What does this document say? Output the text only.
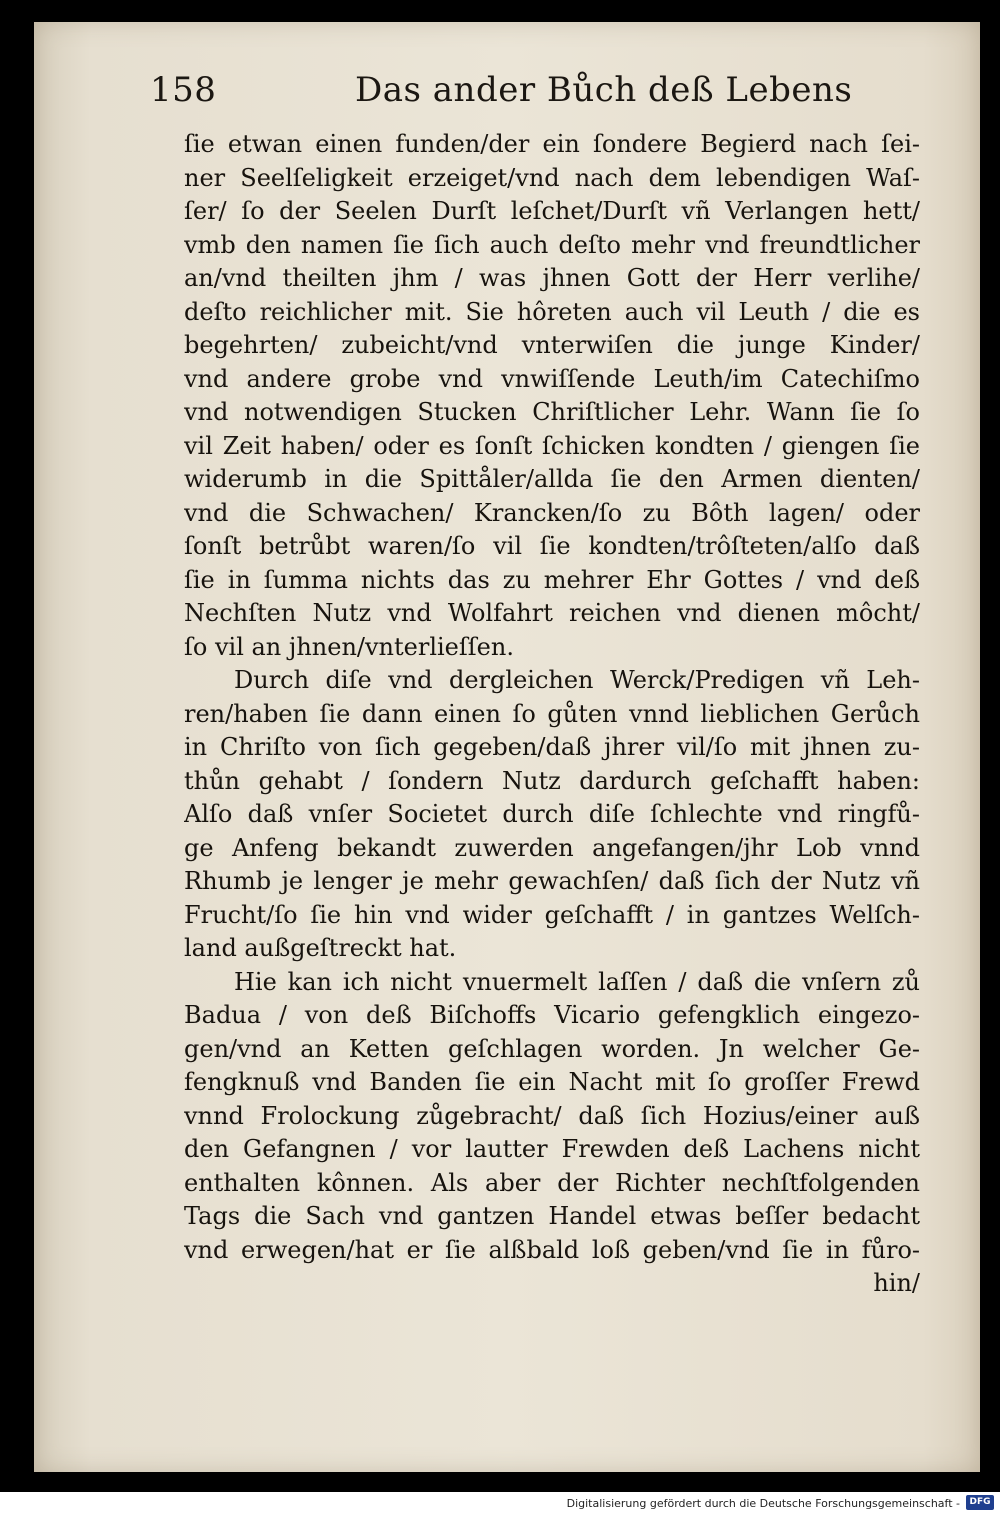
158	Das ander Bůch deß Lebens
ſie etwan einen funden/der ein ſondere Begierd nach ſei-
ner Seelſeligkeit erzeiget/vnd nach dem lebendigen Waſ-
ſer/ ſo der Seelen Durſt leſchet/Durſt vñ Verlangen hett/
vmb den namen ſie ſich auch deſto mehr vnd freundtlicher
an/vnd theilten jhm / was jhnen Gott der Herr verlihe/
deſto reichlicher mit. Sie hôreten auch vil Leuth / die es
begehrten/ zubeicht/vnd vnterwiſen die junge Kinder/
vnd andere grobe vnd vnwiſſende Leuth/im Catechiſmo
vnd notwendigen Stucken Chriſtlicher Lehr. Wann ſie ſo
vil Zeit haben/ oder es ſonſt ſchicken kondten / giengen ſie
widerumb in die Spittåler/allda ſie den Armen dienten/
vnd die Schwachen/ Krancken/ſo zu Bôth lagen/ oder
ſonſt betrůbt waren/ſo vil ſie kondten/trôſteten/alſo daß
ſie in ſumma nichts das zu mehrer Ehr Gottes / vnd deß
Nechſten Nutz vnd Wolfahrt reichen vnd dienen môcht/
ſo vil an jhnen/vnterlieſſen.
Durch diſe vnd dergleichen Werck/Predigen vñ Leh-
ren/haben ſie dann einen ſo gůten vnnd lieblichen Gerůch
in Chriſto von ſich gegeben/daß jhrer vil/ſo mit jhnen zu-
thůn gehabt / ſondern Nutz dardurch geſchafft haben:
Alſo daß vnſer Societet durch diſe ſchlechte vnd ringfů-
ge Anfeng bekandt zuwerden angefangen/jhr Lob vnnd
Rhumb je lenger je mehr gewachſen/ daß ſich der Nutz vñ
Frucht/ſo ſie hin vnd wider geſchafft / in gantzes Welſch-
land außgeſtreckt hat.
Hie kan ich nicht vnuermelt laſſen / daß die vnſern zů
Badua / von deß Biſchoffs Vicario gefengklich eingezo-
gen/vnd an Ketten geſchlagen worden. Jn welcher Ge-
fengknuß vnd Banden ſie ein Nacht mit ſo groſſer Frewd
vnnd Frolockung zůgebracht/ daß ſich Hozius/einer auß
den Gefangnen / vor lautter Frewden deß Lachens nicht
enthalten kônnen. Als aber der Richter nechſtfolgenden
Tags die Sach vnd gantzen Handel etwas beſſer bedacht
vnd erwegen/hat er ſie alßbald loß geben/vnd ſie in fůro-
hin/
Digitalisierung gefördert durch die Deutsche Forschungsgemeinschaft -	DFG
